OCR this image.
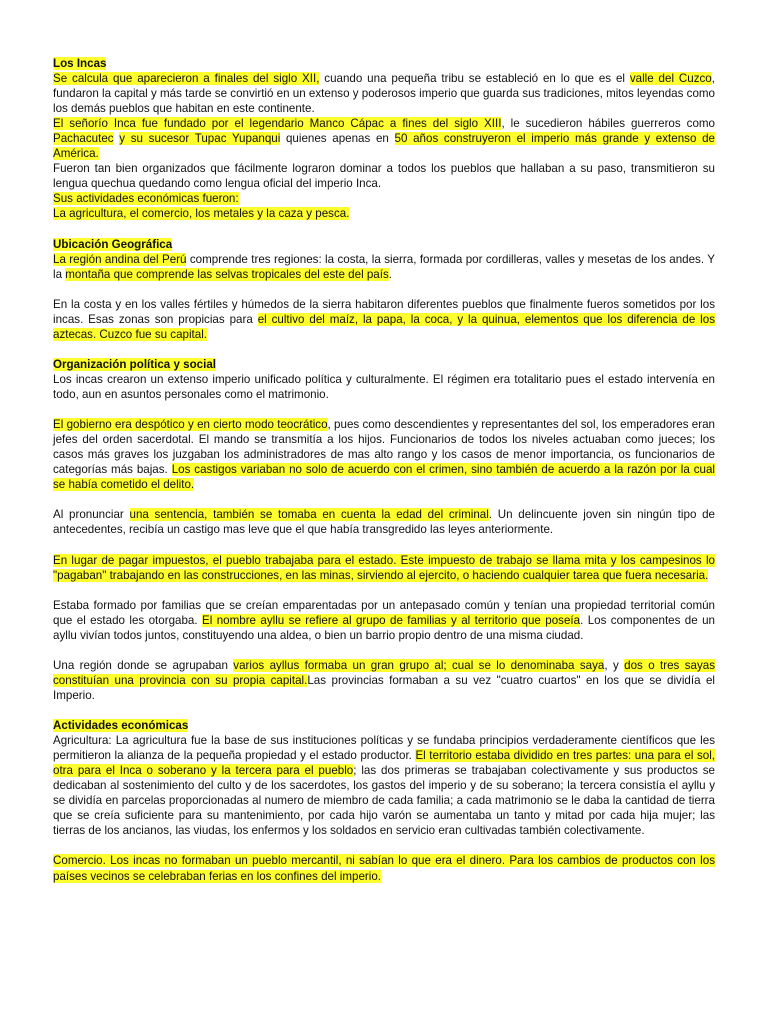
Los Incas

Se calcula que aparecieron a finales del siglo XII, cuando una pequeña tribu se estableció en lo que es el valle del Cuzco, fundaron la capital y más tarde se convirtió en un extenso y poderosos imperio que guarda sus tradiciones, mitos leyendas como los demás pueblos que habitan en este continente.

El señorío Inca fue fundado por el legendario Manco Cápac a fines del siglo XIII, le sucedieron hábiles guerreros como Pachacutec y su sucesor Tupac Yupanqui quienes apenas en 50 años construyeron el imperio más grande y extenso de América.

Fueron tan bien organizados que fácilmente lograron dominar a todos los pueblos que hallaban a su paso, transmitieron su lengua quechua quedando como lengua oficial del imperio Inca.

Sus actividades económicas fueron:

La agricultura, el comercio, los metales y la caza y pesca.

Ubicación Geográfica

La región andina del Perú comprende tres regiones: la costa, la sierra, formada por cordilleras, valles y mesetas de los andes. Y la montaña que comprende las selvas tropicales del este del país.

En la costa y en los valles fértiles y húmedos de la sierra habitaron diferentes pueblos que finalmente fueros sometidos por los incas. Esas zonas son propicias para el cultivo del maíz, la papa, la coca, y la quinua, elementos que los diferencia de los aztecas. Cuzco fue su capital.

Organización política y social

Los incas crearon un extenso imperio unificado política y culturalmente. El régimen era totalitario pues el estado intervenía en todo, aun en asuntos personales como el matrimonio.

El gobierno era despótico y en cierto modo teocrático, pues como descendientes y representantes del sol, los emperadores eran jefes del orden sacerdotal. El mando se transmitía a los hijos. Funcionarios de todos los niveles actuaban como jueces; los casos más graves los juzgaban los administradores de mas alto rango y los casos de menor importancia, os funcionarios de categorías más bajas. Los castigos variaban no solo de acuerdo con el crimen, sino también de acuerdo a la razón por la cual se había cometido el delito.

Al pronunciar una sentencia, también se tomaba en cuenta la edad del criminal. Un delincuente joven sin ningún tipo de antecedentes, recibía un castigo mas leve que el que había transgredido las leyes anteriormente.

En lugar de pagar impuestos, el pueblo trabajaba para el estado. Este impuesto de trabajo se llama mita y los campesinos lo "pagaban" trabajando en las construcciones, en las minas, sirviendo al ejercito, o haciendo cualquier tarea que fuera necesaria.

Estaba formado por familias que se creían emparentadas por un antepasado común y tenían una propiedad territorial común que el estado les otorgaba. El nombre ayllu se refiere al grupo de familias y al territorio que poseía. Los componentes de un ayllu vivían todos juntos, constituyendo una aldea, o bien un barrio propio dentro de una misma ciudad.

Una región donde se agrupaban varios ayllus formaba un gran grupo al; cual se lo denominaba saya, y dos o tres sayas constituían una provincia con su propia capital.Las provincias formaban a su vez "cuatro cuartos" en los que se dividía el Imperio.

Actividades económicas

Agricultura: La agricultura fue la base de sus instituciones políticas y se fundaba principios verdaderamente científicos que les permitieron la alianza de la pequeña propiedad y el estado productor. El territorio estaba dividido en tres partes: una para el sol, otra para el Inca o soberano y la tercera para el pueblo; las dos primeras se trabajaban colectivamente y sus productos se dedicaban al sostenimiento del culto y de los sacerdotes, los gastos del imperio y de su soberano; la tercera consistía el ayllu y se dividía en parcelas proporcionadas al numero de miembro de cada familia; a cada matrimonio se le daba la cantidad de tierra que se creía suficiente para su mantenimiento, por cada hijo varón se aumentaba un tanto y mitad por cada hija mujer; las tierras de los ancianos, las viudas, los enfermos y los soldados en servicio eran cultivadas también colectivamente.

Comercio. Los incas no formaban un pueblo mercantil, ni sabían lo que era el dinero. Para los cambios de productos con los países vecinos se celebraban ferias en los confines del imperio.
